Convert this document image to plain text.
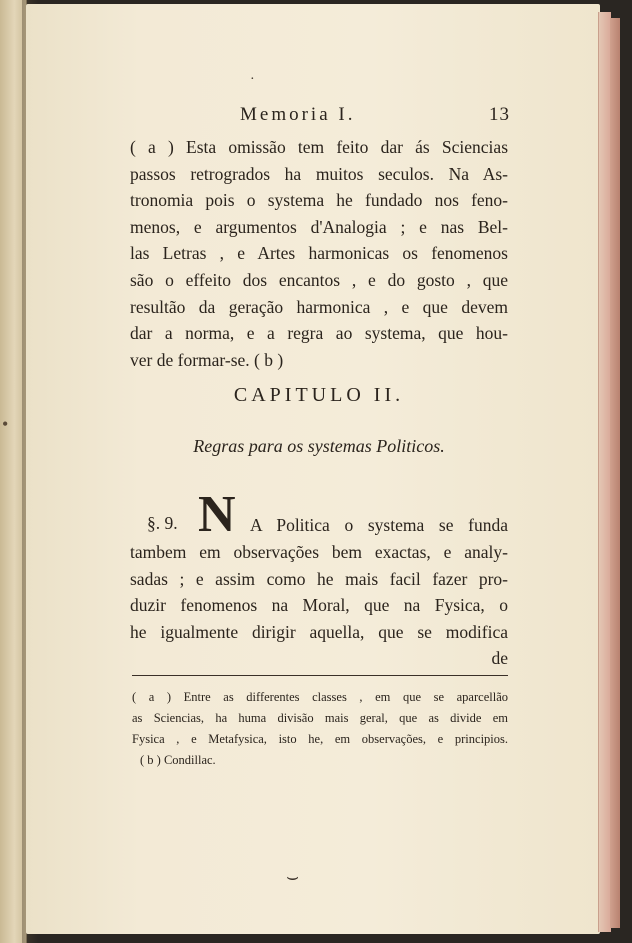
Memoria I.	13
( a ) Esta omissão tem feito dar ás Sciencias
passos retrogrados ha muitos seculos. Na As-
tronomia pois o systema he fundado nos feno-
menos, e argumentos d'Analogia ; e nas Bel-
las Letras , e Artes harmonicas os fenomenos
são o effeito dos encantos , e do gosto , que
resultão da geração harmonica , e que devem
dar a norma, e a regra ao systema, que hou-
ver de formar-se. ( b )
CAPITULO II.
Regras para os systemas Politicos.
§. 9. N A Politica o systema se funda
tambem em observações bem exactas, e analy-
sadas ; e assim como he mais facil fazer pro-
duzir fenomenos na Moral, que na Fysica, o
he igualmente dirigir aquella, que se modifica
de
( a ) Entre as differentes classes , em que se aparcellão
as Sciencias, ha huma divisão mais geral, que as divide em
Fysica , e Metafysica, isto he, em observações, e principios.
( b ) Condillac.
·
⌣
•
